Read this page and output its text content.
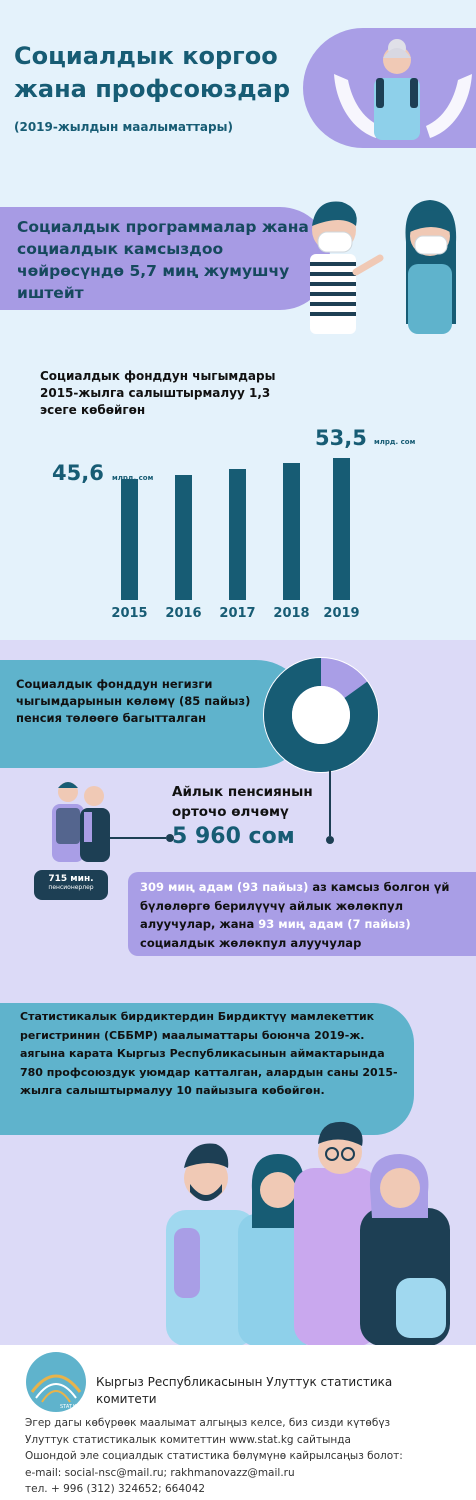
Социалдык коргоо жана профсоюздар
(2019-жылдын маалыматтары)
Социалдык программалар жана социалдык камсыздоо чөйрөсүндө 5,7 миң жумушчу иштейт
Социалдык фонддун чыгымдары 2015-жылга салыштырмалуу 1,3 эсеге көбөйгөн
2015	2016	2017	2018	2019
45,6 млрд. сом
53,5 млрд. сом
Социалдык фонддун негизги чыгымдарынын көлөмү (85 пайыз) пенсия төлөөгө багытталган
Айлык пенсиянын орточо өлчөмү
5 960 сом
715 мин.
пенсионерлер	309 миң адам (93 пайыз) аз камсыз болгон үй бүлөлөргө берилүүчү айлык жөлөкпул алуучулар, жана 93 миң адам (7 пайыз) социалдык жөлөкпул алуучулар
Статистикалык бирдиктердин Бирдиктүү мамлекеттик регистринин (СББМР) маалыматтары боюнча 2019-ж. аягына карата Кыргыз Республикасынын аймактарында 780 профсоюздук уюмдар катталган, алардын саны 2015-жылга салыштырмалуу 10 пайызыга көбөйгөн.
STAT.KG
Кыргыз Республикасынын Улуттук статистика комитети
Эгер дагы көбүрөөк маалымат алгыңыз келсе, биз сизди күтөбүз
Улуттук статистикалык комитеттин www.stat.kg сайтында
Ошондой эле социалдык статистика бөлүмүнө кайрылсаңыз болот:
e-mail: social-nsc@mail.ru; rakhmanovazz@mail.ru
тел. + 996 (312) 324652; 664042
